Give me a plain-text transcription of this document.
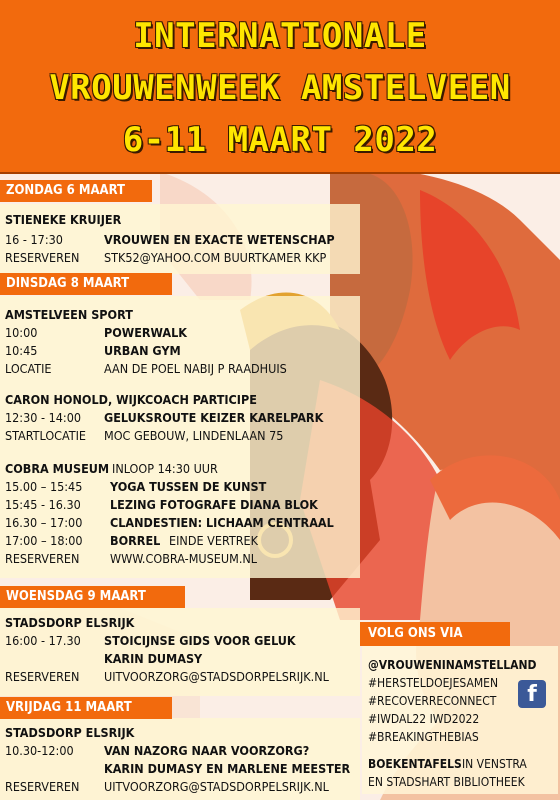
INTERNATIONALE
VROUWENWEEK AMSTELVEEN
6-11 MAART 2022
ZONDAG 6 MAART
DINSDAG 8 MAART
WOENSDAG 9 MAART
VRIJDAG 11 MAART
STIENEKE KRUIJER
16 - 17:30	VROUWEN EN EXACTE WETENSCHAP
RESERVEREN STK52@YAHOO.COM BUURTKAMER KKP
AMSTELVEEN SPORT
10:00	POWERWALK
10:45	URBAN GYM
LOCATIE	AAN DE POEL NABIJ P RAADHUIS
CARON HONOLD, WIJKCOACH PARTICIPE
12:30 - 14:00 GELUKSROUTE KEIZER KARELPARK
STARTLOCATIE MOC GEBOUW, LINDENLAAN 75
COBRA MUSEUM INLOOP 14:30 UUR
15.00 – 15:45 YOGA TUSSEN DE KUNST
15:45 - 16.30 LEZING FOTOGRAFE DIANA BLOK
16.30 – 17:00 CLANDESTIEN: LICHAAM CENTRAAL
17:00 – 18:00 BORREL EINDE VERTREK
RESERVEREN WWW.COBRA-MUSEUM.NL
STADSDORP ELSRIJK
16:00 - 17.30 STOICIJNSE GIDS VOOR GELUK
KARIN DUMASY
RESERVEREN UITVOORZORG@STADSDORPELSRIJK.NL
STADSDORP ELSRIJK
10.30-12:00 VAN NAZORG NAAR VOORZORG?
KARIN DUMASY EN MARLENE MEESTER
RESERVEREN UITVOORZORG@STADSDORPELSRIJK.NL
VOLG ONS VIA
@VROUWENINAMSTELLAND
#HERSTELDOEJESAMEN
#RECOVERRECONNECT
#IWDAL22 IWD2022
#BREAKINGTHEBIAS
BOEKENTAFELS IN VENSTRA
EN STADSHART BIBLIOTHEEK
f
